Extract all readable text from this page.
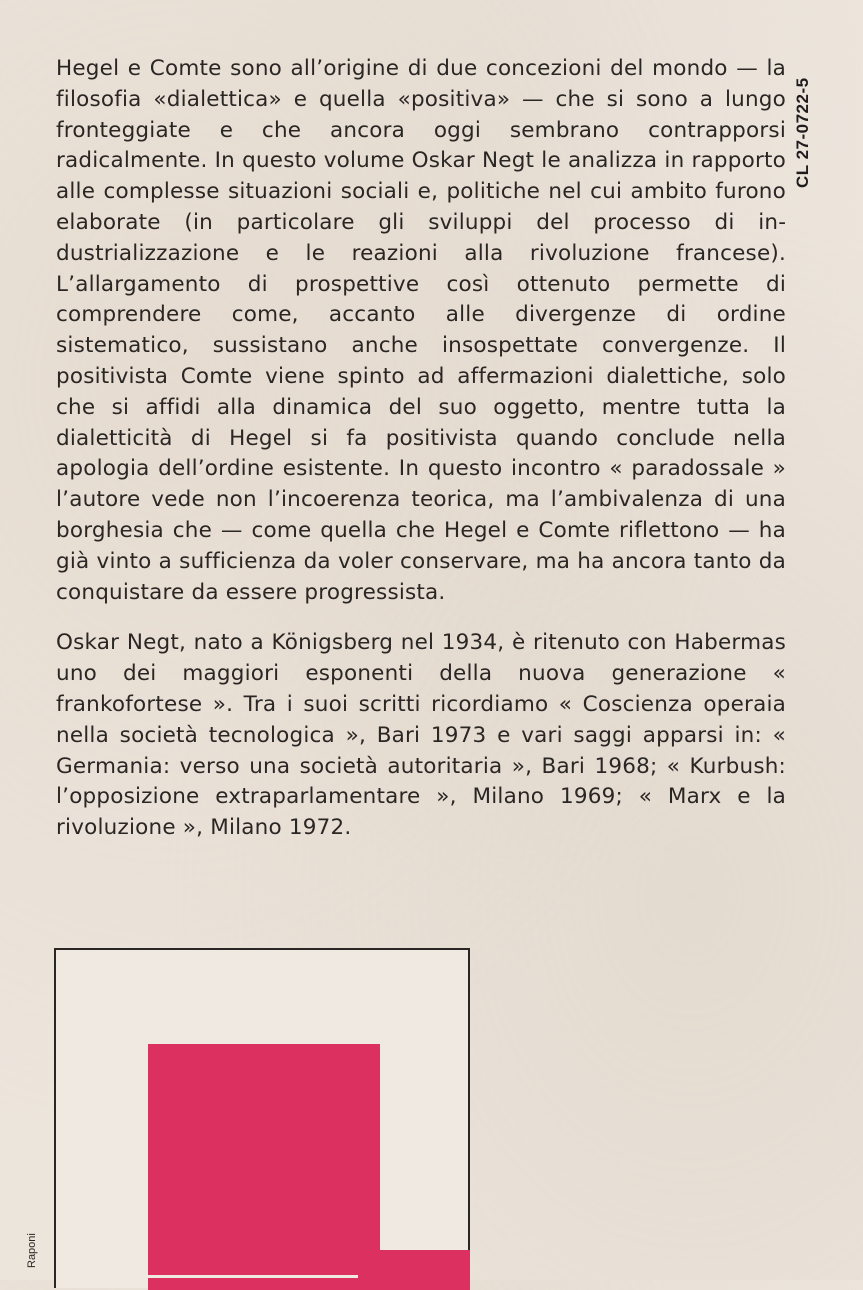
CL 27-0722-5

Hegel e Comte sono all’origine di due concezioni del mondo — la filosofia «dialettica» e quella «positiva» — che si sono a lungo fronteggiate e che ancora oggi sembrano contrapporsi radicalmente. In questo volume Oskar Negt le analizza in rapporto alle complesse situazioni sociali e, politiche nel cui ambito furono elaborate (in particolare gli sviluppi del processo di industrializzazione e le reazioni alla rivoluzione francese). L’allargamento di prospettive così ottenuto permette di comprendere come, accanto alle divergenze di ordine sistematico, sussistano anche insospettate convergenze. Il positivista Comte viene spinto ad affermazioni dialettiche, solo che si affidi alla dinamica del suo oggetto, mentre tutta la dialetticità di Hegel si fa positivista quando conclude nella apologia dell’ordine esistente. In questo incontro « paradossale » l’autore vede non l’incoerenza teorica, ma l’ambivalenza di una borghesia che — come quella che Hegel e Comte riflettono — ha già vinto a sufficienza da voler conservare, ma ha ancora tanto da conquistare da essere progressista.

Oskar Negt, nato a Königsberg nel 1934, è ritenuto con Habermas uno dei maggiori esponenti della nuova generazione « frankofortese ». Tra i suoi scritti ricordiamo « Coscienza operaia nella società tecnologica », Bari 1973 e vari saggi apparsi in: « Germania: verso una società autoritaria », Bari 1968; « Kurbush: l’opposizione extraparlamentare », Milano 1969; « Marx e la rivoluzione », Milano 1972.

Raponi
